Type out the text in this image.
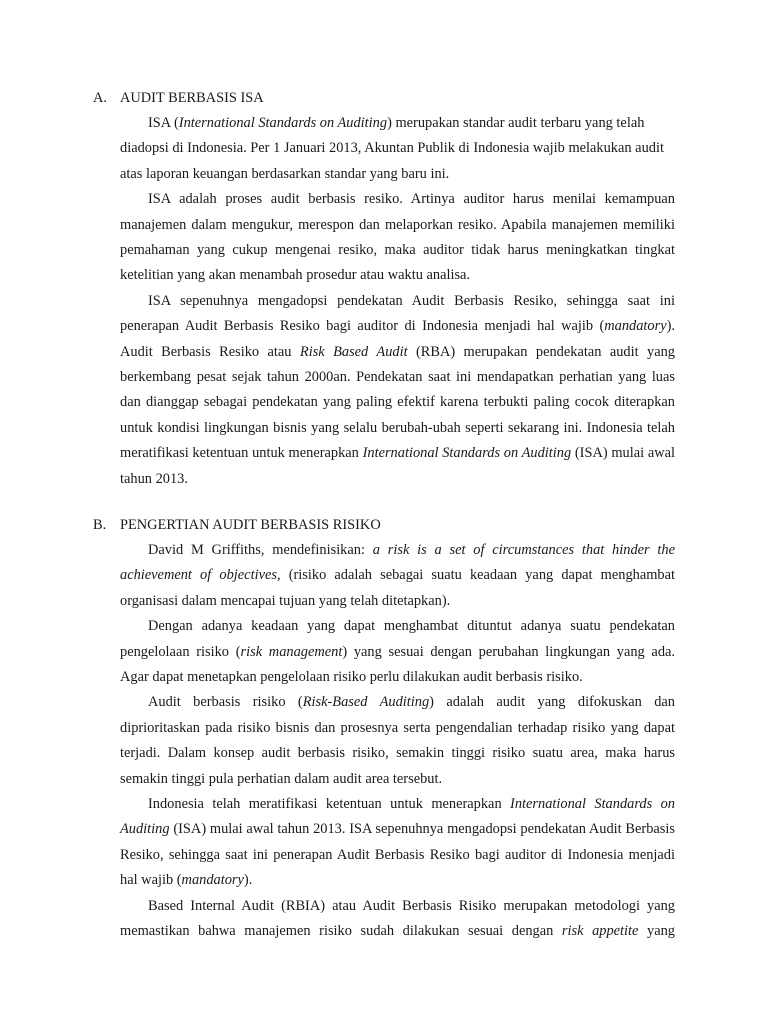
A. AUDIT BERBASIS ISA

ISA (International Standards on Auditing) merupakan standar audit terbaru yang telah diadopsi di Indonesia. Per 1 Januari 2013, Akuntan Publik di Indonesia wajib melakukan audit atas laporan keuangan berdasarkan standar yang baru ini.

ISA adalah proses audit berbasis resiko. Artinya auditor harus menilai kemampuan manajemen dalam mengukur, merespon dan melaporkan resiko. Apabila manajemen memiliki pemahaman yang cukup mengenai resiko, maka auditor tidak harus meningkatkan tingkat ketelitian yang akan menambah prosedur atau waktu analisa.

ISA sepenuhnya mengadopsi pendekatan Audit Berbasis Resiko, sehingga saat ini penerapan Audit Berbasis Resiko bagi auditor di Indonesia menjadi hal wajib (mandatory). Audit Berbasis Resiko atau Risk Based Audit (RBA) merupakan pendekatan audit yang berkembang pesat sejak tahun 2000an. Pendekatan saat ini mendapatkan perhatian yang luas dan dianggap sebagai pendekatan yang paling efektif karena terbukti paling cocok diterapkan untuk kondisi lingkungan bisnis yang selalu berubah-ubah seperti sekarang ini. Indonesia telah meratifikasi ketentuan untuk menerapkan International Standards on Auditing (ISA) mulai awal tahun 2013.

B. PENGERTIAN AUDIT BERBASIS RISIKO

David M Griffiths, mendefinisikan: a risk is a set of circumstances that hinder the achievement of objectives, (risiko adalah sebagai suatu keadaan yang dapat menghambat organisasi dalam mencapai tujuan yang telah ditetapkan).

Dengan adanya keadaan yang dapat menghambat dituntut adanya suatu pendekatan pengelolaan risiko (risk management) yang sesuai dengan perubahan lingkungan yang ada. Agar dapat menetapkan pengelolaan risiko perlu dilakukan audit berbasis risiko.

Audit berbasis risiko (Risk-Based Auditing) adalah audit yang difokuskan dan diprioritaskan pada risiko bisnis dan prosesnya serta pengendalian terhadap risiko yang dapat terjadi. Dalam konsep audit berbasis risiko, semakin tinggi risiko suatu area, maka harus semakin tinggi pula perhatian dalam audit area tersebut.

Indonesia telah meratifikasi ketentuan untuk menerapkan International Standards on Auditing (ISA) mulai awal tahun 2013. ISA sepenuhnya mengadopsi pendekatan Audit Berbasis Resiko, sehingga saat ini penerapan Audit Berbasis Resiko bagi auditor di Indonesia menjadi hal wajib (mandatory).

Based Internal Audit (RBIA) atau Audit Berbasis Risiko merupakan metodologi yang memastikan bahwa manajemen risiko sudah dilakukan sesuai dengan risk appetite yang
